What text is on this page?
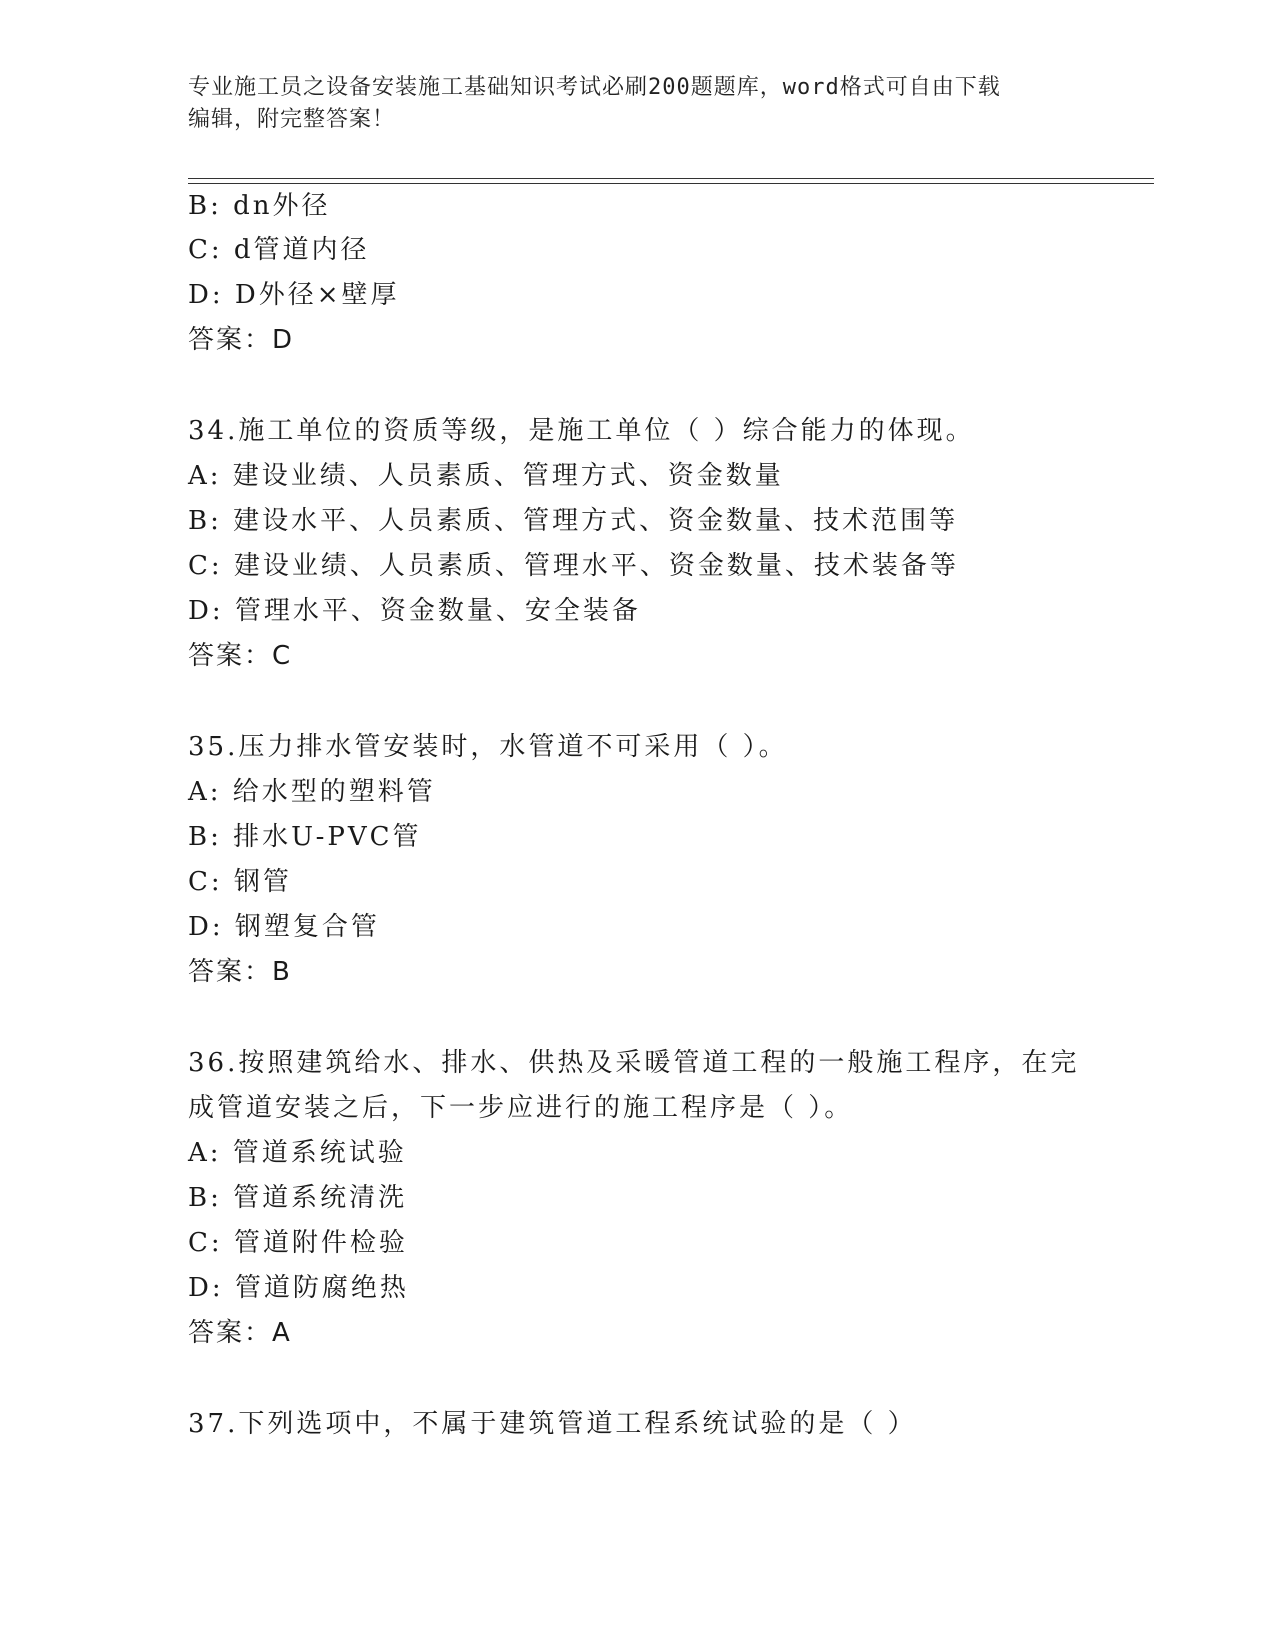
专业施工员之设备安装施工基础知识考试必刷200题题库，word格式可自由下载
编辑，附完整答案！
B: dn外径
C: d管道内径
D: D外径×壁厚
答案：D
34.施工单位的资质等级，是施工单位（ ）综合能力的体现。
A: 建设业绩、人员素质、管理方式、资金数量
B: 建设水平、人员素质、管理方式、资金数量、技术范围等
C: 建设业绩、人员素质、管理水平、资金数量、技术装备等
D: 管理水平、资金数量、安全装备
答案：C
35.压力排水管安装时，水管道不可采用（ ）。
A: 给水型的塑料管
B: 排水U-PVC管
C: 钢管
D: 钢塑复合管
答案：B
36.按照建筑给水、排水、供热及采暖管道工程的一般施工程序，在完
成管道安装之后，下一步应进行的施工程序是（ ）。
A: 管道系统试验
B: 管道系统清洗
C: 管道附件检验
D: 管道防腐绝热
答案：A
37.下列选项中，不属于建筑管道工程系统试验的是（ ）
